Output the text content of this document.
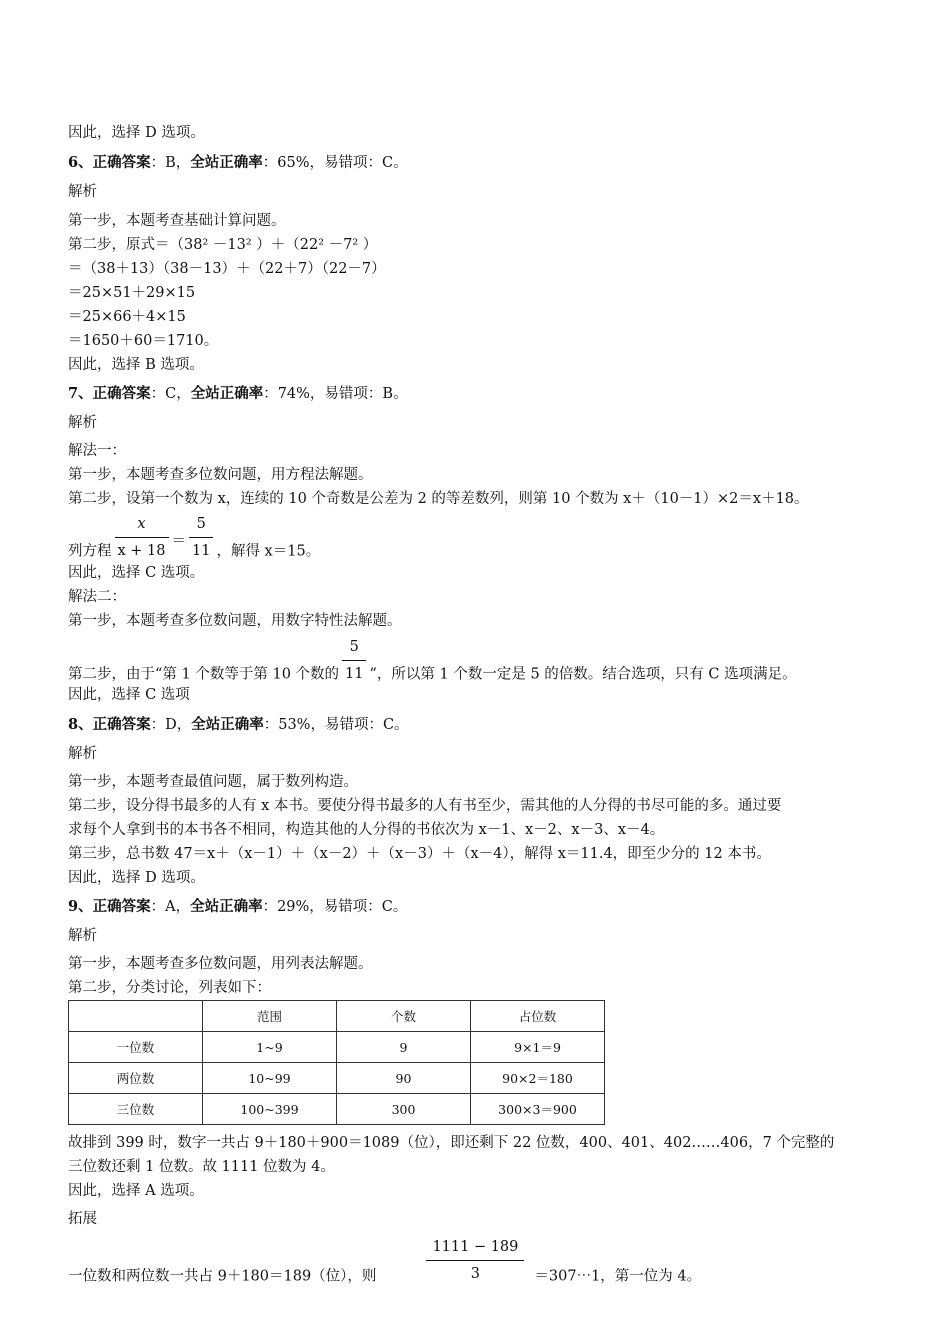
因此，选择 D 选项。
6、正确答案：B，全站正确率：65%，易错项：C。
解析
第一步，本题考查基础计算问题。
第二步，原式＝（38² －13² ）＋（22² －7² ）
＝（38＋13）（38－13）＋（22＋7）（22－7）
＝25×51＋29×15
＝25×66＋4×15
＝1650＋60＝1710。
因此，选择 B 选项。
7、正确答案：C，全站正确率：74%，易错项：B。
解析
解法一：
第一步，本题考查多位数问题，用方程法解题。
第二步，设第一个数为 x，连续的 10 个奇数是公差为 2 的等差数列，则第 10 个数为 x＋（10－1）×2＝x＋18。
列方程 $\frac{x}{x + 18} = \frac{5}{11}$ ，解得 x＝15。
因此，选择 C 选项。
解法二：
第一步，本题考查多位数问题，用数字特性法解题。
第二步，由于“第 1 个数等于第 10 个数的 $\frac{5}{11}$ ”，所以第 1 个数一定是 5 的倍数。结合选项，只有 C 选项满足。
因此，选择 C 选项
8、正确答案：D，全站正确率：53%，易错项：C。
解析
第一步，本题考查最值问题，属于数列构造。
第二步，设分得书最多的人有 x 本书。要使分得书最多的人有书至少，需其他的人分得的书尽可能的多。通过要
求每个人拿到书的本书各不相同，构造其他的人分得的书依次为 x－1、x－2、x－3、x－4。
第三步，总书数 47＝x＋（x－1）＋（x－2）＋（x－3）＋（x－4），解得 x＝11.4，即至少分的 12 本书。
因此，选择 D 选项。
9、正确答案：A，全站正确率：29%，易错项：C。
解析
第一步，本题考查多位数问题，用列表法解题。
第二步，分类讨论，列表如下：
	范围	个数	占位数
一位数	1~9	9	9×1＝9
两位数	10~99	90	90×2＝180
三位数	100~399	300	300×3＝900
故排到 399 时，数字一共占 9＋180＋900＝1089（位），即还剩下 22 位数，400、401、402……406，7 个完整的
三位数还剩 1 位数。故 1111 位数为 4。
因此，选择 A 选项。
拓展
一位数和两位数一共占 9＋180＝189（位），则	$\frac{1111 - 189}{3}$ ＝307⋯1，第一位为 4。
